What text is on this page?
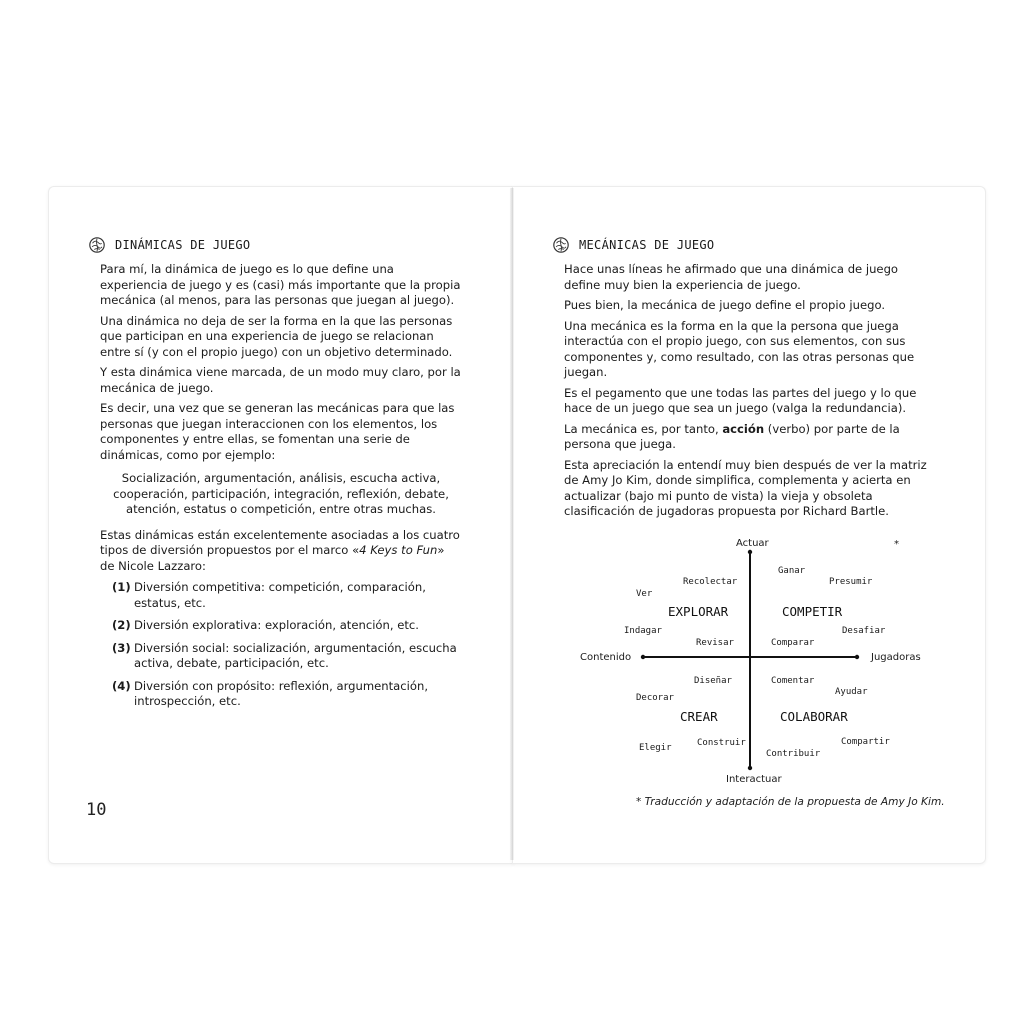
DINÁMICAS DE JUEGO

Para mí, la dinámica de juego es lo que define una experiencia de juego y es (casi) más importante que la propia mecánica (al menos, para las personas que juegan al juego).

Una dinámica no deja de ser la forma en la que las personas que participan en una experiencia de juego se relacionan entre sí (y con el propio juego) con un objetivo determinado.

Y esta dinámica viene marcada, de un modo muy claro, por la mecánica de juego.

Es decir, una vez que se generan las mecánicas para que las personas que juegan interaccionen con los elementos, los componentes y entre ellas, se fomentan una serie de dinámicas, como por ejemplo:

Socialización, argumentación, análisis, escucha activa, cooperación, participación, integración, reflexión, debate, atención, estatus o competición, entre otras muchas.

Estas dinámicas están excelentemente asociadas a los cuatro tipos de diversión propuestos por el marco «4 Keys to Fun» de Nicole Lazzaro:

(1) Diversión competitiva: competición, comparación, estatus, etc.
(2) Diversión explorativa: exploración, atención, etc.
(3) Diversión social: socialización, argumentación, escucha activa, debate, participación, etc.
(4) Diversión con propósito: reflexión, argumentación, introspección, etc.
10
MECÁNICAS DE JUEGO

Hace unas líneas he afirmado que una dinámica de juego define muy bien la experiencia de juego.

Pues bien, la mecánica de juego define el propio juego.

Una mecánica es la forma en la que la persona que juega interactúa con el propio juego, con sus elementos, con sus componentes y, como resultado, con las otras personas que juegan.

Es el pegamento que une todas las partes del juego y lo que hace de un juego que sea un juego (valga la redundancia).

La mecánica es, por tanto, acción (verbo) por parte de la persona que juega.

Esta apreciación la entendí muy bien después de ver la matriz de Amy Jo Kim, donde simplifica, complementa y acierta en actualizar (bajo mi punto de vista) la vieja y obsoleta clasificación de jugadoras propuesta por Richard Bartle.

Actuar	*
Interactuar
Contenido	Jugadoras
EXPLORAR	COMPETIR
CREAR	COLABORAR
Recolectar
Ver
Indagar
Revisar
Ganar
Presumir
Desafiar
Comparar
Diseñar
Decorar
Construir
Elegir
Comentar
Ayudar
Compartir
Contribuir
* Traducción y adaptación de la propuesta de Amy Jo Kim.
